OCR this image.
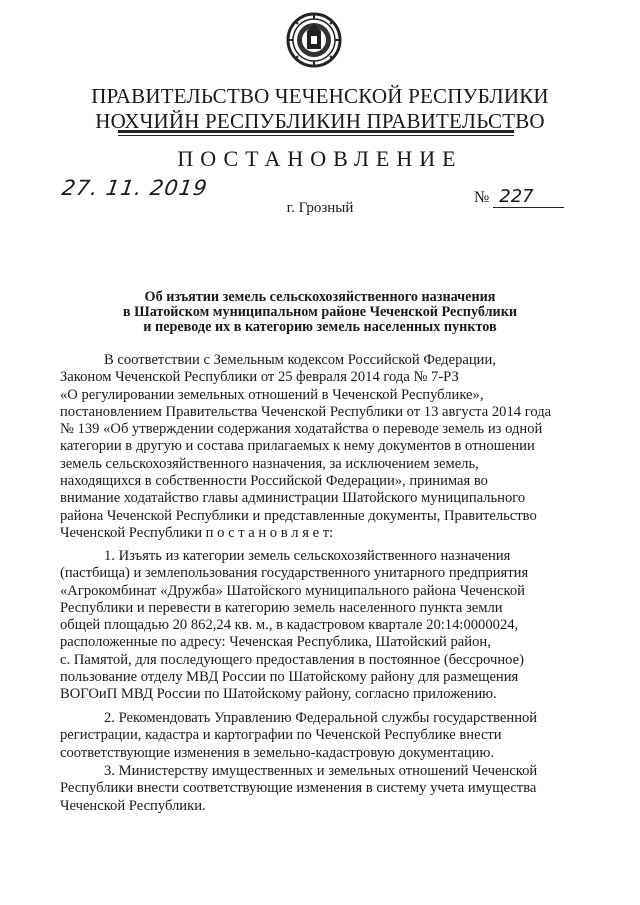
ПРАВИТЕЛЬСТВО ЧЕЧЕНСКОЙ РЕСПУБЛИКИ
НОХЧИЙН РЕСПУБЛИКИН ПРАВИТЕЛЬСТВО
ПОСТАНОВЛЕНИЕ
27. 11. 2019	№ 227
г. Грозный
Об изъятии земель сельскохозяйственного назначения
в Шатойском муниципальном районе Чеченской Республики
и переводе их в категорию земель населенных пунктов
В соответствии с Земельным кодексом Российской Федерации,
Законом Чеченской Республики от 25 февраля 2014 года № 7-РЗ
«О регулировании земельных отношений в Чеченской Республике»,
постановлением Правительства Чеченской Республики от 13 августа 2014 года
№ 139 «Об утверждении содержания ходатайства о переводе земель из одной
категории в другую и состава прилагаемых к нему документов в отношении
земель сельскохозяйственного назначения, за исключением земель,
находящихся в собственности Российской Федерации», принимая во
внимание ходатайство главы администрации Шатойского муниципального
района Чеченской Республики и представленные документы, Правительство
Чеченской Республики п о с т а н о в л я е т:
1. Изъять из категории земель сельскохозяйственного назначения
(пастбища) и землепользования государственного унитарного предприятия
«Агрокомбинат «Дружба» Шатойского муниципального района Чеченской
Республики и перевести в категорию земель населенного пункта земли
общей площадью 20 862,24 кв. м., в кадастровом квартале 20:14:0000024,
расположенные по адресу: Чеченская Республика, Шатойский район,
с. Памятой, для последующего предоставления в постоянное (бессрочное)
пользование отделу МВД России по Шатойскому району для размещения
ВОГОиП МВД России по Шатойскому району, согласно приложению.
2. Рекомендовать Управлению Федеральной службы государственной
регистрации, кадастра и картографии по Чеченской Республике внести
соответствующие изменения в земельно-кадастровую документацию.
3. Министерству имущественных и земельных отношений Чеченской
Республики внести соответствующие изменения в систему учета имущества
Чеченской Республики.
